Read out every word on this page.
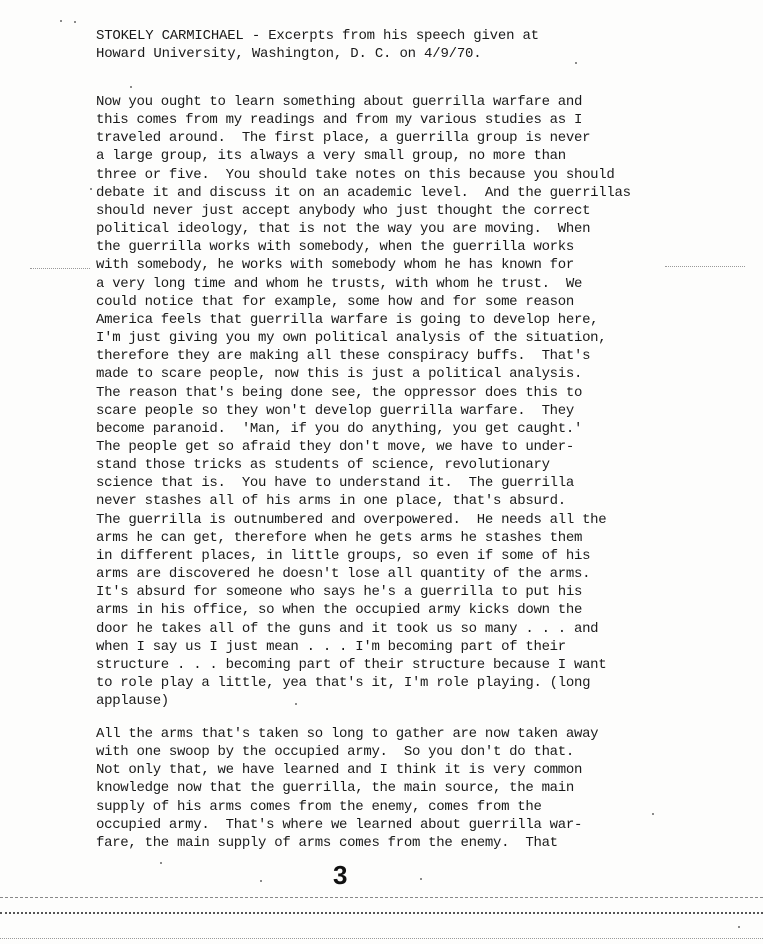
STOKELY CARMICHAEL - Excerpts from his speech given at
Howard University, Washington, D. C. on 4/9/70.
Now you ought to learn something about guerrilla warfare and
this comes from my readings and from my various studies as I
traveled around.  The first place, a guerrilla group is never
a large group, its always a very small group, no more than
three or five.  You should take notes on this because you should
debate it and discuss it on an academic level.  And the guerrillas
should never just accept anybody who just thought the correct
political ideology, that is not the way you are moving.  When
the guerrilla works with somebody, when the guerrilla works
with somebody, he works with somebody whom he has known for
a very long time and whom he trusts, with whom he trust.  We
could notice that for example, some how and for some reason
America feels that guerrilla warfare is going to develop here,
I'm just giving you my own political analysis of the situation,
therefore they are making all these conspiracy buffs.  That's
made to scare people, now this is just a political analysis.
The reason that's being done see, the oppressor does this to
scare people so they won't develop guerrilla warfare.  They
become paranoid.  'Man, if you do anything, you get caught.'
The people get so afraid they don't move, we have to under-
stand those tricks as students of science, revolutionary
science that is.  You have to understand it.  The guerrilla
never stashes all of his arms in one place, that's absurd.
The guerrilla is outnumbered and overpowered.  He needs all the
arms he can get, therefore when he gets arms he stashes them
in different places, in little groups, so even if some of his
arms are discovered he doesn't lose all quantity of the arms.
It's absurd for someone who says he's a guerrilla to put his
arms in his office, so when the occupied army kicks down the
door he takes all of the guns and it took us so many . . . and
when I say us I just mean . . . I'm becoming part of their
structure . . . becoming part of their structure because I want
to role play a little, yea that's it, I'm role playing. (long
applause)
All the arms that's taken so long to gather are now taken away
with one swoop by the occupied army.  So you don't do that.
Not only that, we have learned and I think it is very common
knowledge now that the guerrilla, the main source, the main
supply of his arms comes from the enemy, comes from the
occupied army.  That's where we learned about guerrilla war-
fare, the main supply of arms comes from the enemy.  That
3
